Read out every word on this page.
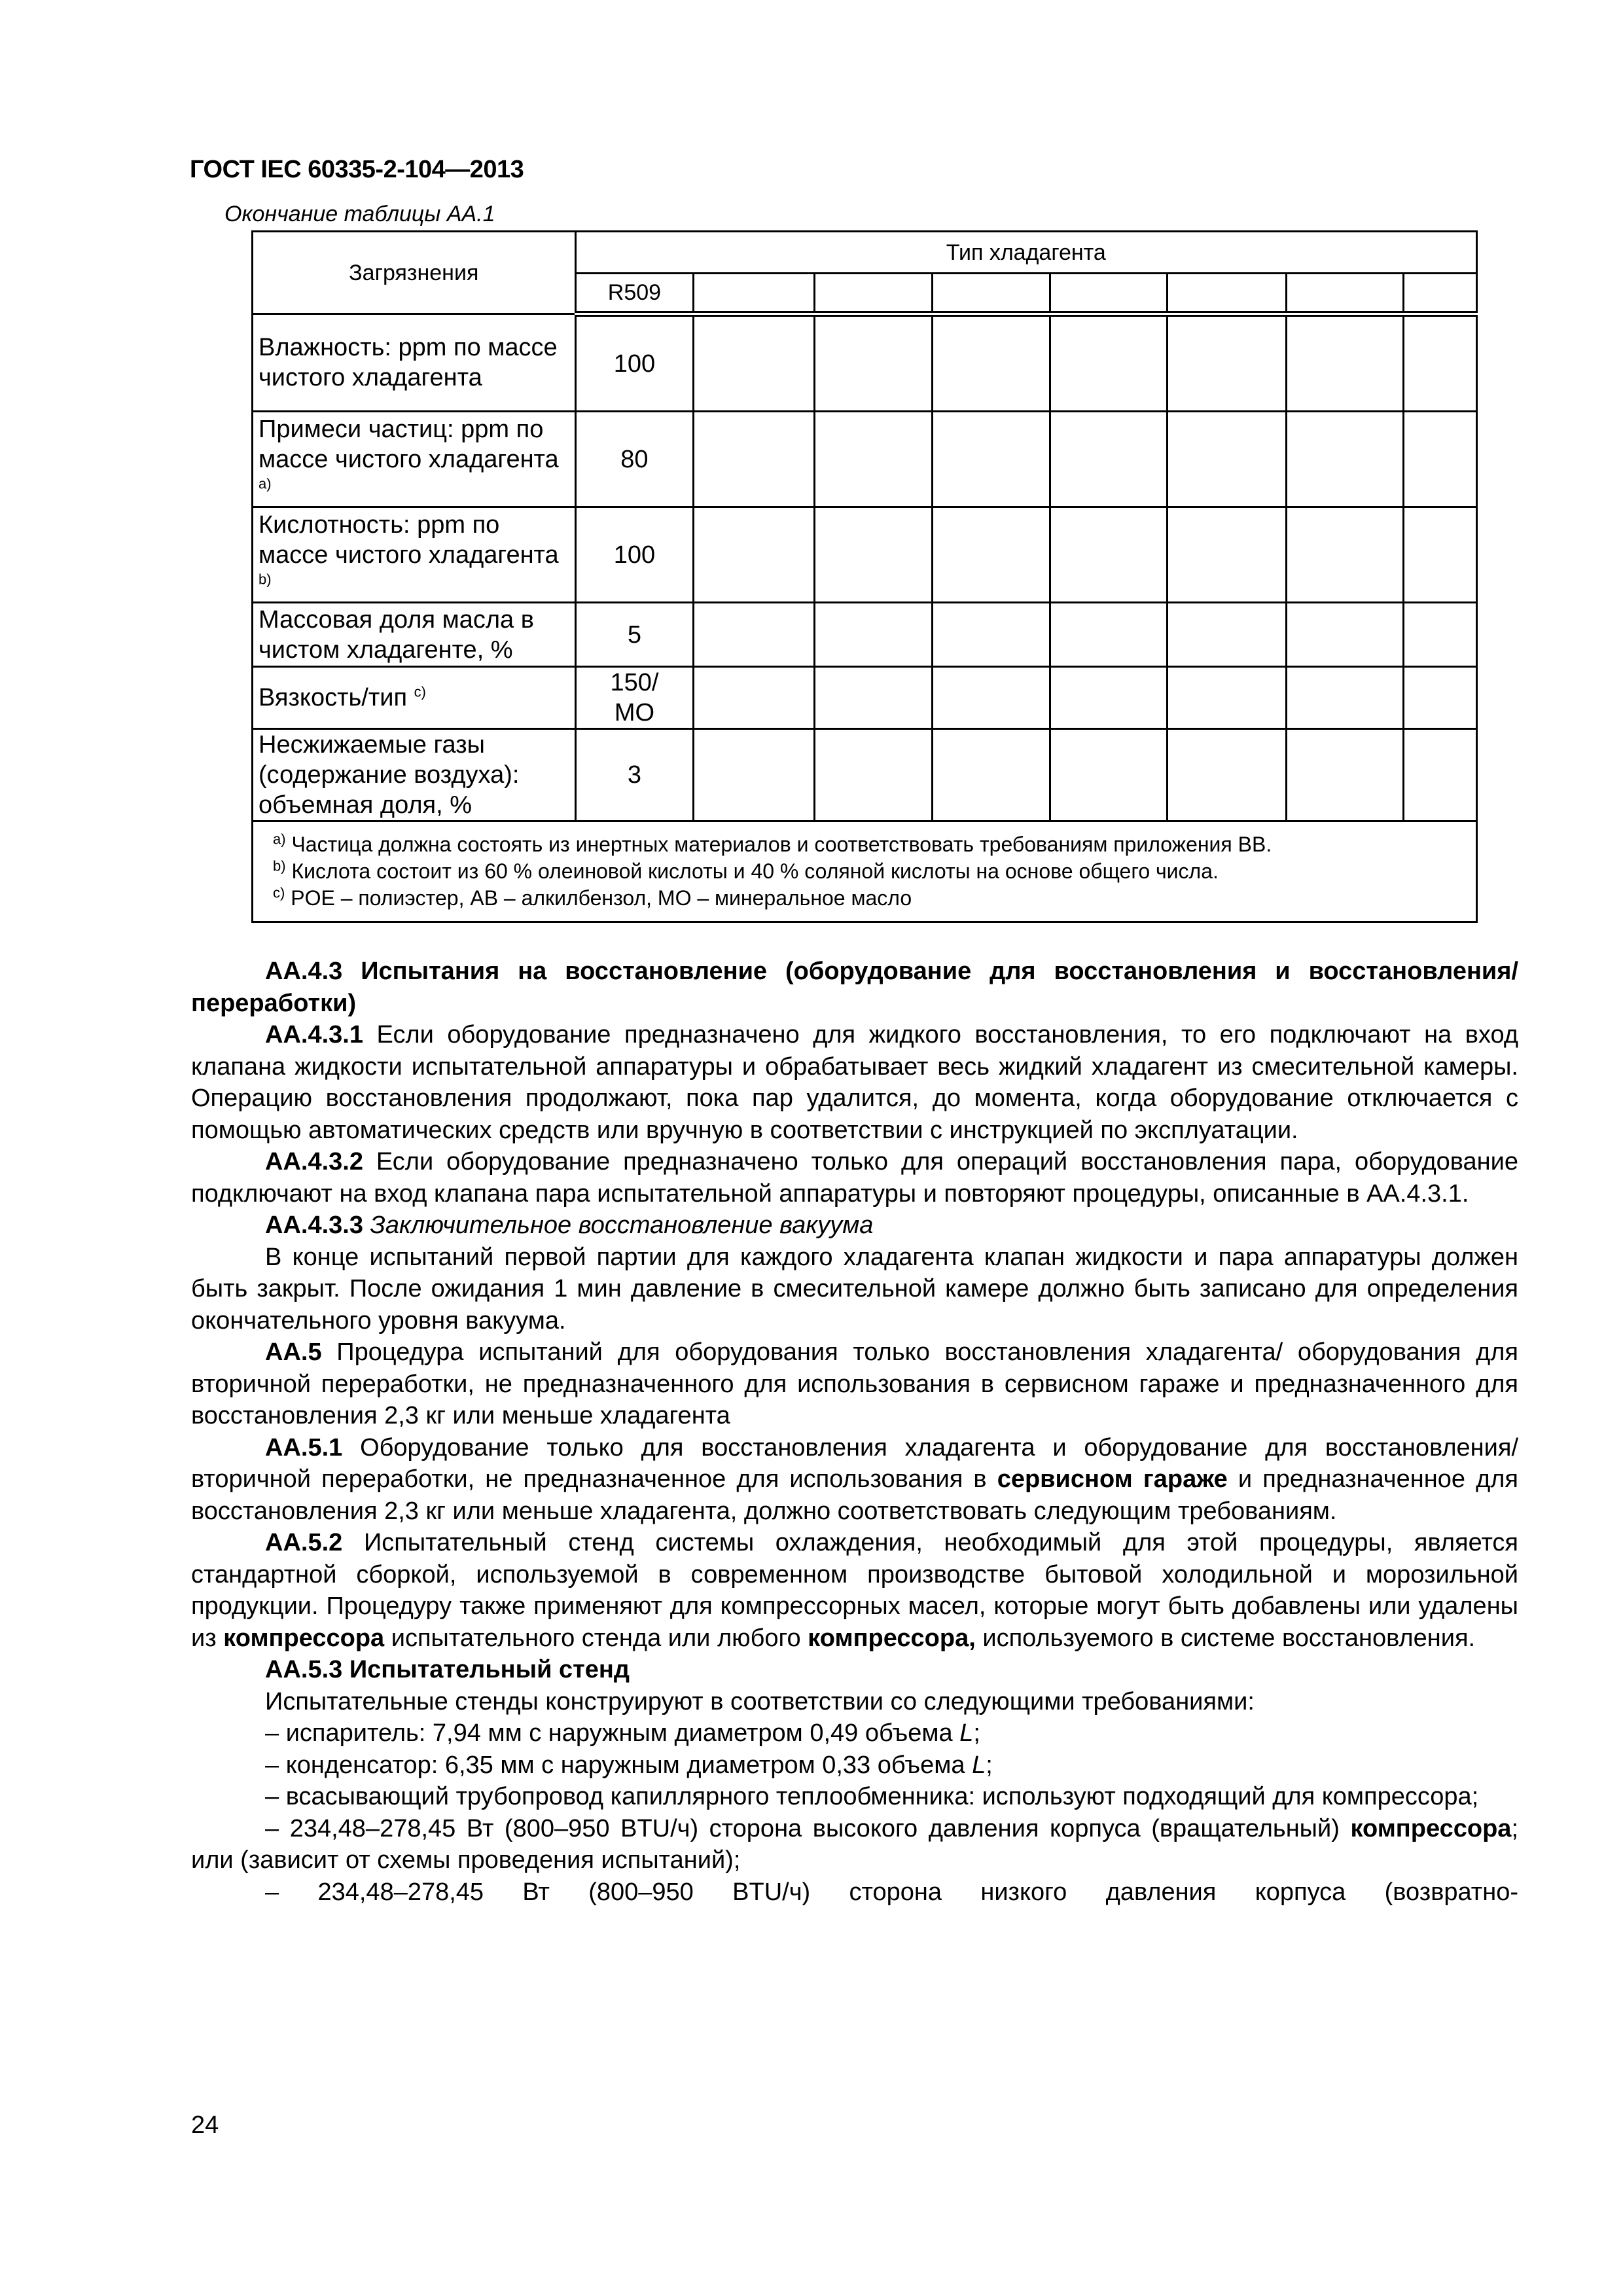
ГОСТ IEC 60335-2-104—2013
Окончание таблицы АА.1
Загрязнения	Тип хладагента							
	R509							
Влажность: ppm по массе чистого хладагента	100							
Примеси частиц: ppm по массе чистого хладагента $^{a)}$	80							
Кислотность: ppm по массе чистого хладагента $^{b)}$	100							
Массовая доля масла в чистом хладагенте, %	5							
Вязкость/тип $^{c)}$	150/ МО							
Несжижаемые газы (содержание воздуха): объемная доля, %	3							

$^{a)}$ Частица должна состоять из инертных материалов и соответствовать требованиям приложения ВВ.
$^{b)}$ Кислота состоит из 60 % олеиновой кислоты и 40 % соляной кислоты на основе общего числа.
$^{c)}$ POE – полиэстер, AB – алкилбензол, МО – минеральное масло								

АА.4.3 Испытания на восстановление (оборудование для восстановления и восстановления/ переработки)

АА.4.3.1 Если оборудование предназначено для жидкого восстановления, то его подключают на вход клапана жидкости испытательной аппаратуры и обрабатывает весь жидкий хладагент из смесительной камеры. Операцию восстановления продолжают, пока пар удалится, до момента, когда оборудование отключается с помощью автоматических средств или вручную в соответствии с инструкцией по эксплуатации.

АА.4.3.2 Если оборудование предназначено только для операций восстановления пара, оборудование подключают на вход клапана пара испытательной аппаратуры и повторяют процедуры, описанные в АА.4.3.1.

АА.4.3.3 Заключительное восстановление вакуума

В конце испытаний первой партии для каждого хладагента клапан жидкости и пара аппаратуры должен быть закрыт. После ожидания 1 мин давление в смесительной камере должно быть записано для определения окончательного уровня вакуума.

АА.5 Процедура испытаний для оборудования только восстановления хладагента/ оборудования для вторичной переработки, не предназначенного для использования в сервисном гараже и предназначенного для восстановления 2,3 кг или меньше хладагента

АА.5.1 Оборудование только для восстановления хладагента и оборудование для восстановления/вторичной переработки, не предназначенное для использования в сервисном гараже и предназначенное для восстановления 2,3 кг или меньше хладагента, должно соответствовать следующим требованиям.

АА.5.2 Испытательный стенд системы охлаждения, необходимый для этой процедуры, является стандартной сборкой, используемой в современном производстве бытовой холодильной и морозильной продукции. Процедуру также применяют для компрессорных масел, которые могут быть добавлены или удалены из компрессора испытательного стенда или любого компрессора, используемого в системе восстановления.

АА.5.3 Испытательный стенд

Испытательные стенды конструируют в соответствии со следующими требованиями:

– испаритель: 7,94 мм с наружным диаметром 0,49 объема L;

– конденсатор: 6,35 мм с наружным диаметром 0,33 объема L;

– всасывающий трубопровод капиллярного теплообменника: используют подходящий для компрессора;

– 234,48–278,45 Вт (800–950 BTU/ч) сторона высокого давления корпуса (вращательный) компрессора; или (зависит от схемы проведения испытаний);

– 234,48–278,45 Вт (800–950 BTU/ч) сторона низкого давления корпуса (возвратно-

24
